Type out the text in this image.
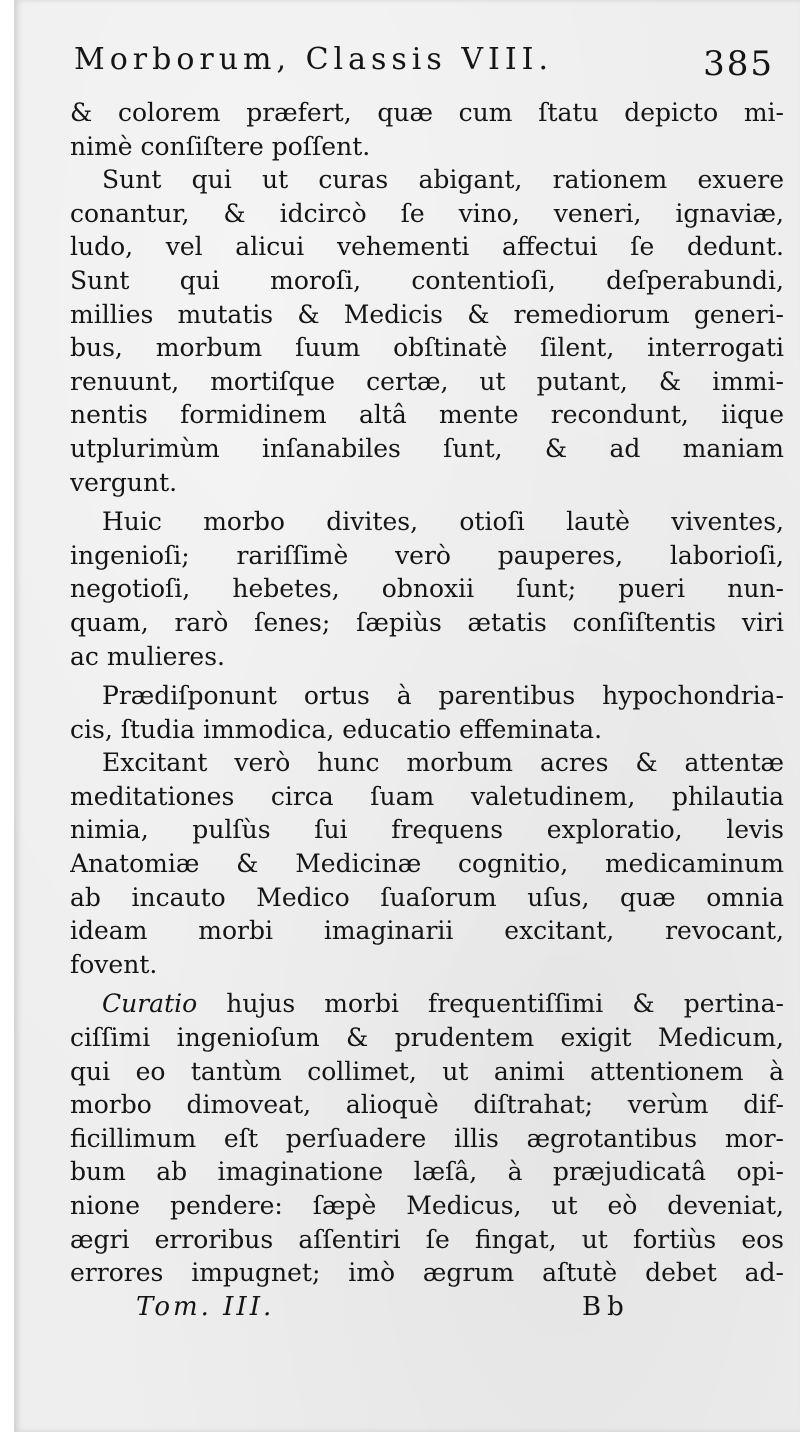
Morborum, Classis VIII.	385
& colorem præfert, quæ cum ſtatu depicto mi-
nimè conſiſtere poſſent.
Sunt qui ut curas abigant, rationem exuere
conantur, & idcircò ſe vino, veneri, ignaviæ,
ludo, vel alicui vehementi affectui ſe dedunt.
Sunt qui moroſi, contentioſi, deſperabundi,
millies mutatis & Medicis & remediorum generi-
bus, morbum ſuum obſtinatè ſilent, interrogati
renuunt, mortiſque certæ, ut putant, & immi-
nentis formidinem altâ mente recondunt, iique
utplurimùm inſanabiles ſunt, & ad maniam
vergunt.
Huic morbo divites, otioſi lautè viventes,
ingenioſi; rariſſimè verò pauperes, laborioſi,
negotioſi, hebetes, obnoxii ſunt; pueri nun-
quam, rarò ſenes; ſæpiùs ætatis conſiſtentis viri
ac mulieres.
Prædiſponunt ortus à parentibus hypochondria-
cis, ſtudia immodica, educatio effeminata.
Excitant verò hunc morbum acres & attentæ
meditationes circa ſuam valetudinem, philautia
nimia, pulſùs ſui frequens exploratio, levis
Anatomiæ & Medicinæ cognitio, medicaminum
ab incauto Medico ſuaſorum uſus, quæ omnia
ideam morbi imaginarii excitant, revocant,
fovent.
Curatio hujus morbi frequentiſſimi & pertina-
ciſſimi ingenioſum & prudentem exigit Medicum,
qui eo tantùm collimet, ut animi attentionem à
morbo dimoveat, alioquè diſtrahat; verùm dif-
ficillimum eſt perſuadere illis ægrotantibus mor-
bum ab imaginatione læſâ, à præjudicatâ opi-
nione pendere: ſæpè Medicus, ut eò deveniat,
ægri erroribus aſſentiri ſe fingat, ut fortiùs eos
errores impugnet; imò ægrum aſtutè debet ad-
Tom. III.	Bb
